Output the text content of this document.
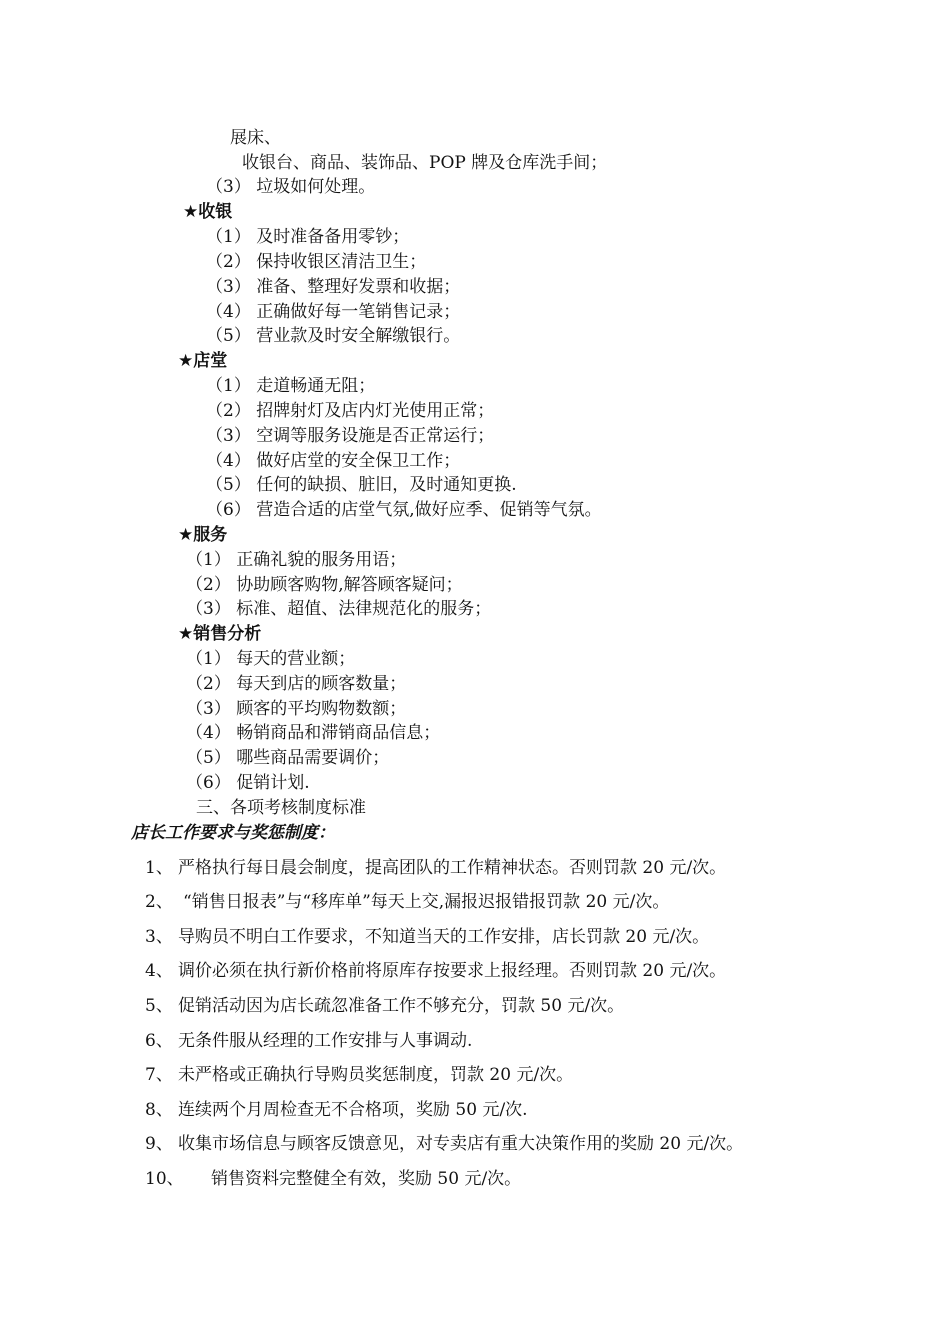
展床、
收银台、商品、装饰品、POP 牌及仓库洗手间；
（3） 垃圾如何处理。
★收银
（1） 及时准备备用零钞；
（2） 保持收银区清洁卫生；
（3） 准备、整理好发票和收据；
（4） 正确做好每一笔销售记录；
（5） 营业款及时安全解缴银行。
★店堂
（1） 走道畅通无阻；
（2） 招牌射灯及店内灯光使用正常；
（3） 空调等服务设施是否正常运行；
（4） 做好店堂的安全保卫工作；
（5） 任何的缺损、脏旧，及时通知更换.
（6） 营造合适的店堂气氛,做好应季、促销等气氛。
★服务
（1） 正确礼貌的服务用语；
（2） 协助顾客购物,解答顾客疑问；
（3） 标准、超值、法律规范化的服务；
★销售分析
（1） 每天的营业额；
（2） 每天到店的顾客数量；
（3） 顾客的平均购物数额；
（4） 畅销商品和滞销商品信息；
（5） 哪些商品需要调价；
（6） 促销计划.
三、各项考核制度标准
店长工作要求与奖惩制度：
1、 严格执行每日晨会制度，提高团队的工作精神状态。否则罚款 20 元/次。
2、 “销售日报表”与“移库单”每天上交,漏报迟报错报罚款 20 元/次。
3、 导购员不明白工作要求，不知道当天的工作安排，店长罚款 20 元/次。
4、 调价必须在执行新价格前将原库存按要求上报经理。否则罚款 20 元/次。
5、 促销活动因为店长疏忽准备工作不够充分，罚款 50 元/次。
6、 无条件服从经理的工作安排与人事调动.
7、 未严格或正确执行导购员奖惩制度，罚款 20 元/次。
8、 连续两个月周检查无不合格项，奖励 50 元/次.
9、 收集市场信息与顾客反馈意见，对专卖店有重大决策作用的奖励 20 元/次。
10、 销售资料完整健全有效，奖励 50 元/次。
